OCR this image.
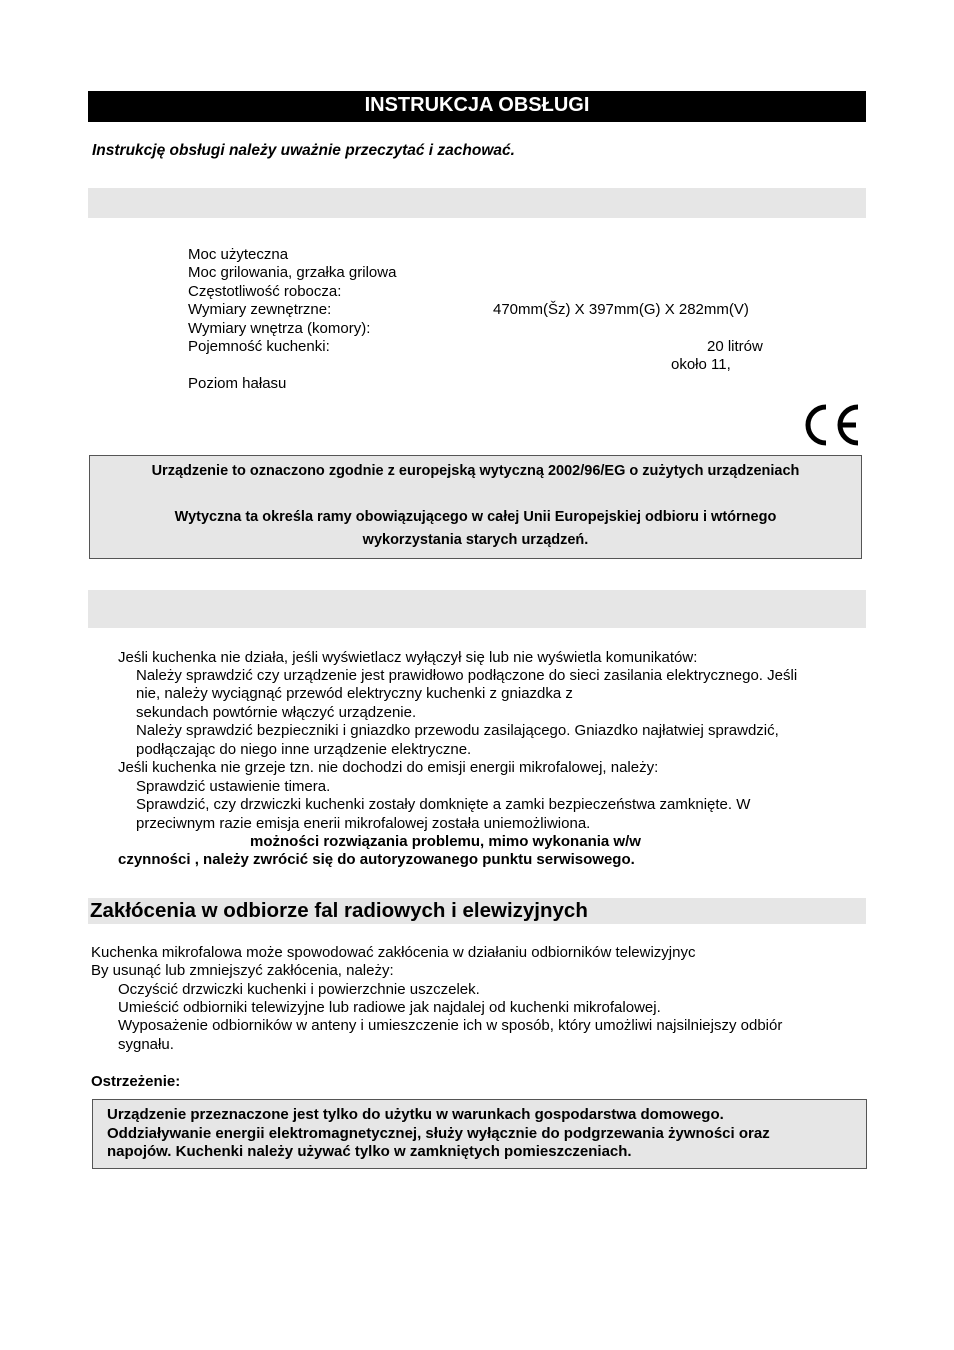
INSTRUKCJA OBSŁUGI
Instrukcję obsługi należy uważnie przeczytać i zachować.
Moc użyteczna
Moc grilowania, grzałka grilowa
Częstotliwość robocza:
Wymiary zewnętrzne:	470mm(Šz) X 397mm(G) X 282mm(V)
Wymiary wnętrza (komory):
Pojemność kuchenki:	20 litrów
około 11,
Poziom hałasu

Urządzenie to oznaczono zgodnie z europejską wytyczną 2002/96/EG o zużytych urządzeniach

Wytyczna ta określa ramy obowiązującego w całej Unii Europejskiej odbioru i wtórnego

wykorzystania starych urządzeń.

Jeśli kuchenka nie działa, jeśli wyświetlacz wyłączył się lub nie wyświetla komunikatów:
Należy sprawdzić czy urządzenie jest prawidłowo podłączone do sieci zasilania elektrycznego. Jeśli
nie, należy wyciągnąć przewód elektryczny kuchenki z gniazdka z
sekundach powtórnie włączyć urządzenie.
Należy sprawdzić bezpieczniki i gniazdko przewodu zasilającego. Gniazdko najłatwiej sprawdzić,
podłączając do niego inne urządzenie elektryczne.
Jeśli kuchenka nie grzeje tzn. nie dochodzi do emisji energii mikrofalowej, należy:
Sprawdzić ustawienie timera.
Sprawdzić, czy drzwiczki kuchenki zostały domknięte a zamki bezpieczeństwa zamknięte. W
przeciwnym razie emisja enerii mikrofalowej została uniemożliwiona.
możności rozwiązania problemu, mimo wykonania w/w
czynności , należy zwrócić się do autoryzowanego punktu serwisowego.
Zakłócenia w odbiorze fal radiowych i elewizyjnych
Kuchenka mikrofalowa może spowodować zakłócenia w działaniu odbiorników telewizyjnyc
By usunąć lub zmniejszyć zakłócenia, należy:
Oczyścić drzwiczki kuchenki i powierzchnie uszczelek.
Umieścić odbiorniki telewizyjne lub radiowe jak najdalej od kuchenki mikrofalowej.
Wyposażenie odbiorników w anteny i umieszczenie ich w sposób, który umożliwi najsilniejszy odbiór
sygnału.
Ostrzeżenie:
Urządzenie przeznaczone jest tylko do użytku w warunkach gospodarstwa domowego.
Oddziaływanie energii elektromagnetycznej, służy wyłącznie do podgrzewania żywności oraz
napojów. Kuchenki należy używać tylko w zamkniętych pomieszczeniach.
